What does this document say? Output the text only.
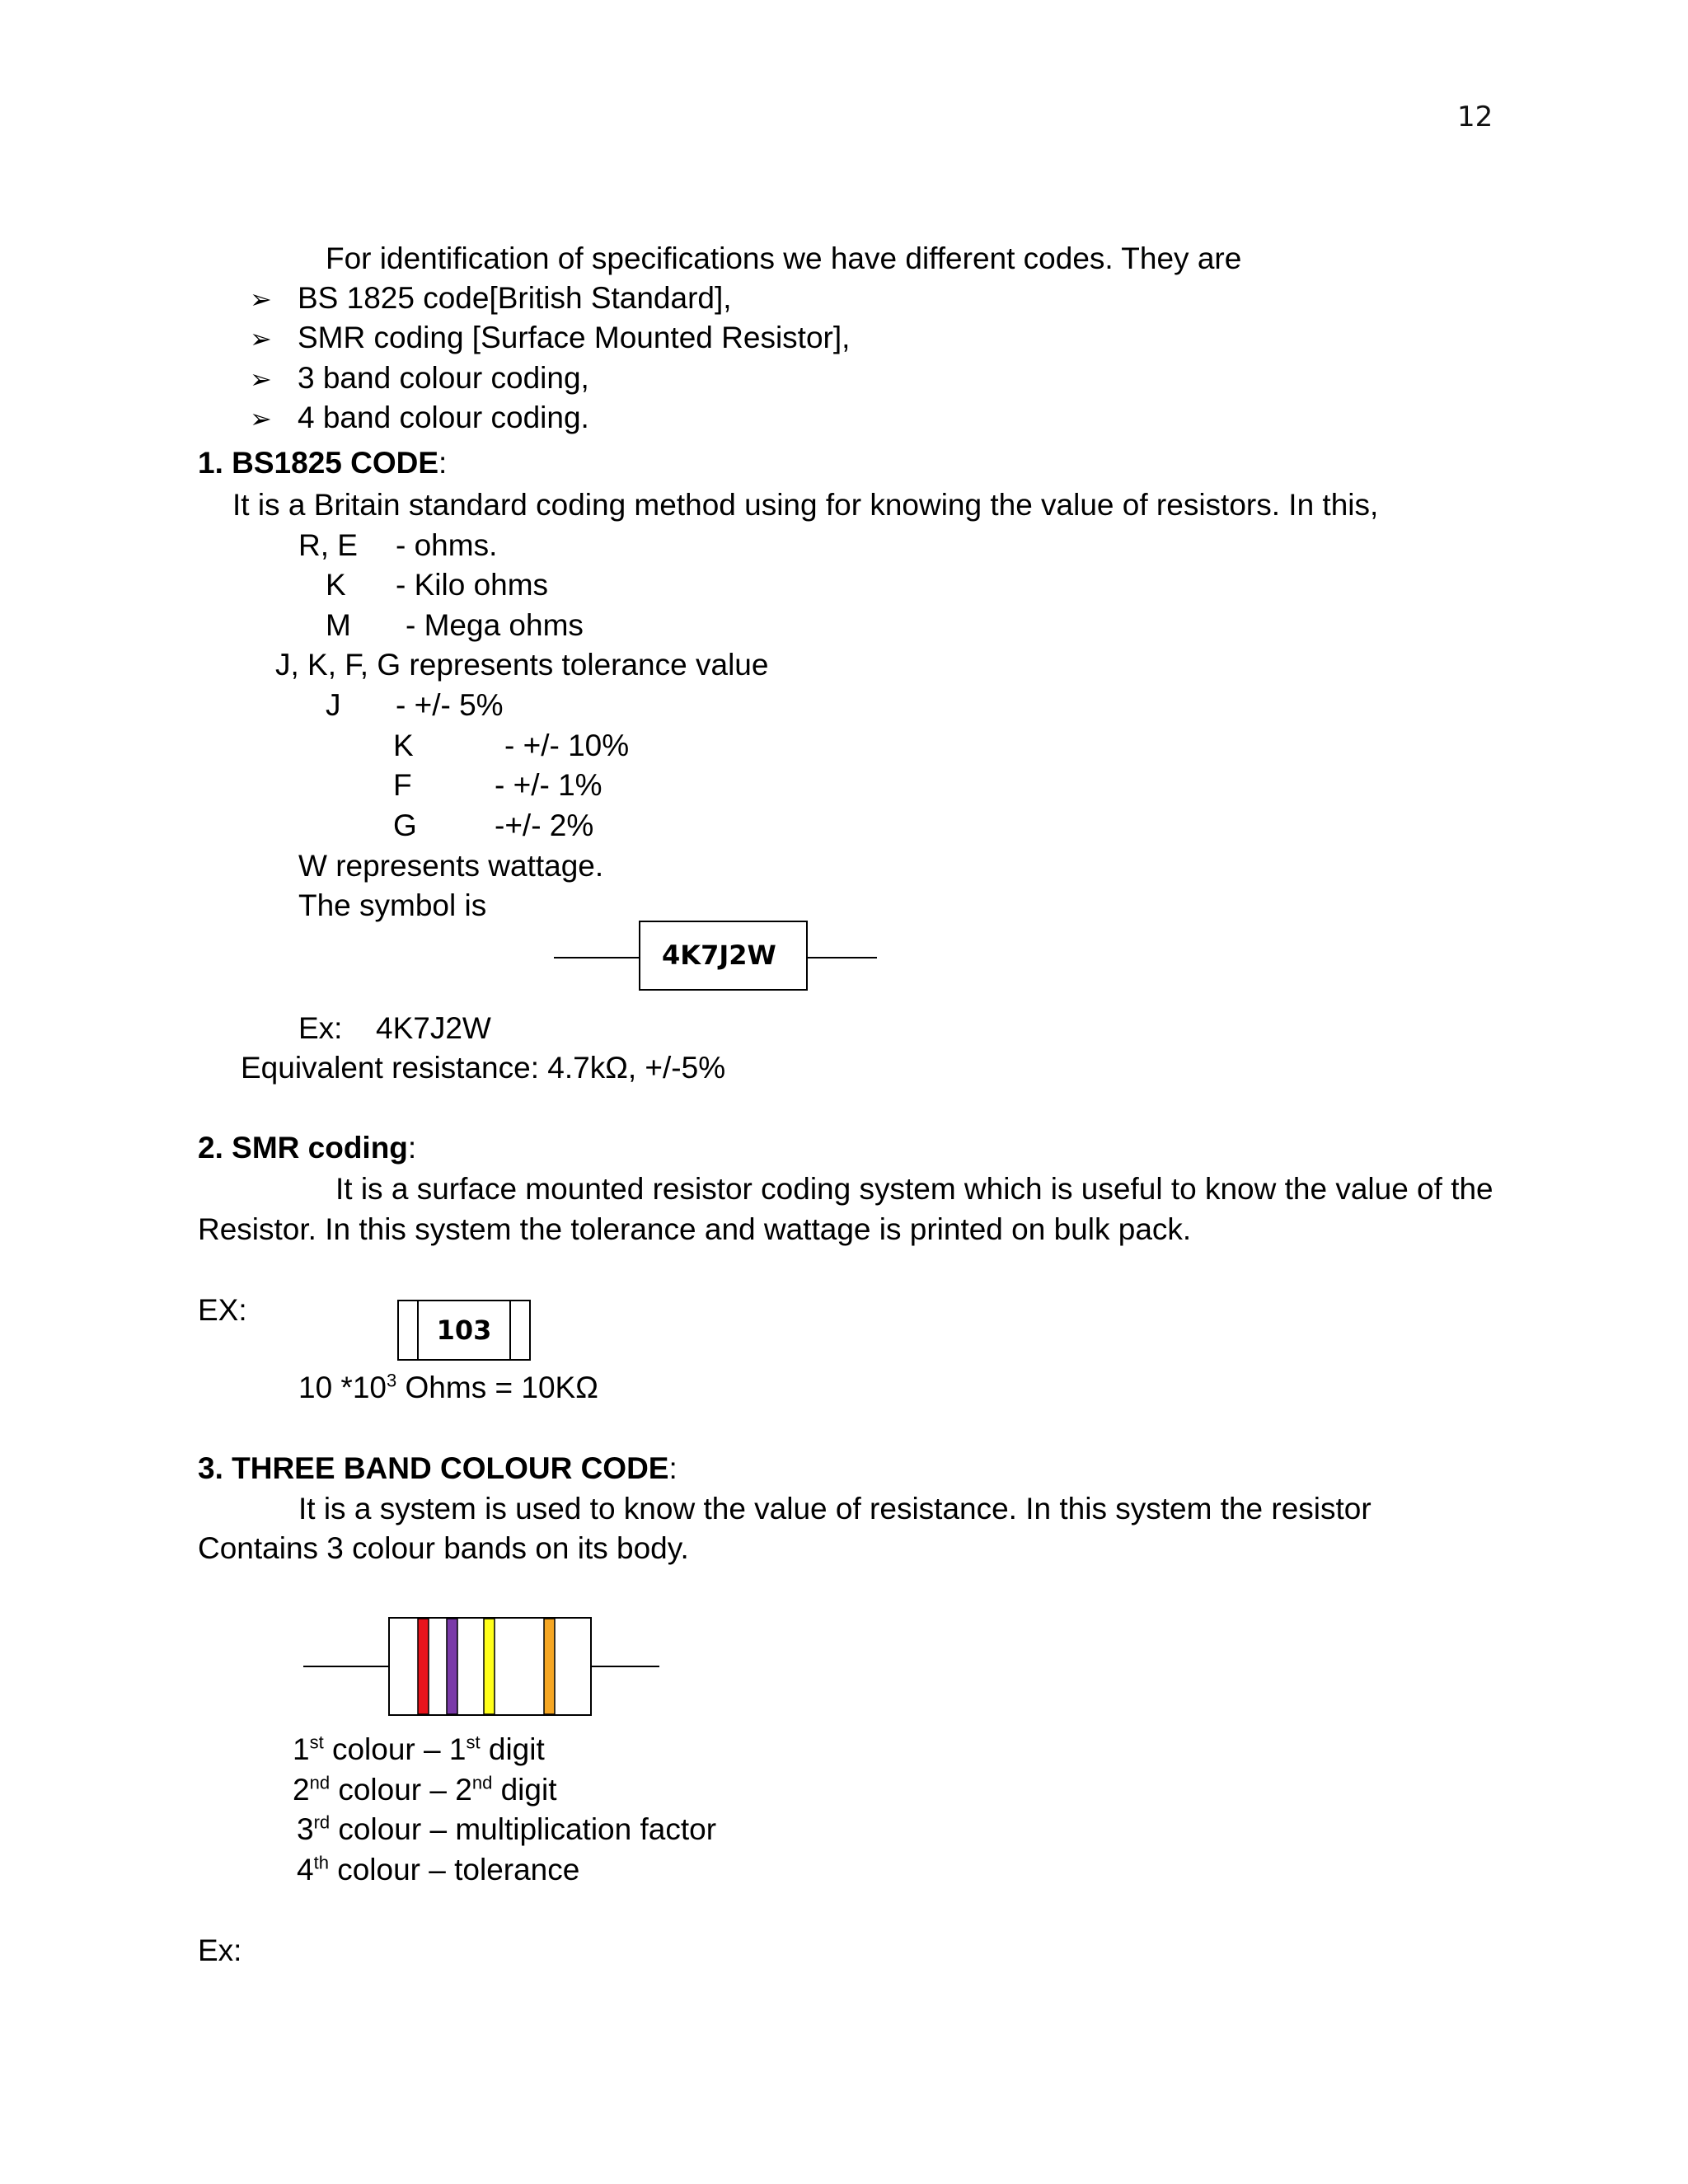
12
For identification of specifications we have different codes. They are
➢ BS 1825 code[British Standard],
➢ SMR coding [Surface Mounted Resistor],
➢ 3 band colour coding,
➢ 4 band colour coding.
1. BS1825 CODE:
It is a Britain standard coding method using for knowing the value of resistors. In this,
R, E - ohms.
K - Kilo ohms
M - Mega ohms
J, K, F, G represents tolerance value
J - +/- 5%
K	- +/- 10%
F	- +/- 1%
G	-+/- 2%
W represents wattage.
The symbol is
4K7J2W
Ex: 4K7J2W
Equivalent resistance: 4.7kΩ, +/-5%
2. SMR coding:
It is a surface mounted resistor coding system which is useful to know the value of the
Resistor. In this system the tolerance and wattage is printed on bulk pack.
EX:
103
10 $*10^3$ Ohms = 10KΩ
3. THREE BAND COLOUR CODE:
It is a system is used to know the value of resistance. In this system the resistor
Contains 3 colour bands on its body.
1st colour – 1st digit
2nd colour – 2nd digit
3rd colour – multiplication factor
4th colour – tolerance
Ex:
